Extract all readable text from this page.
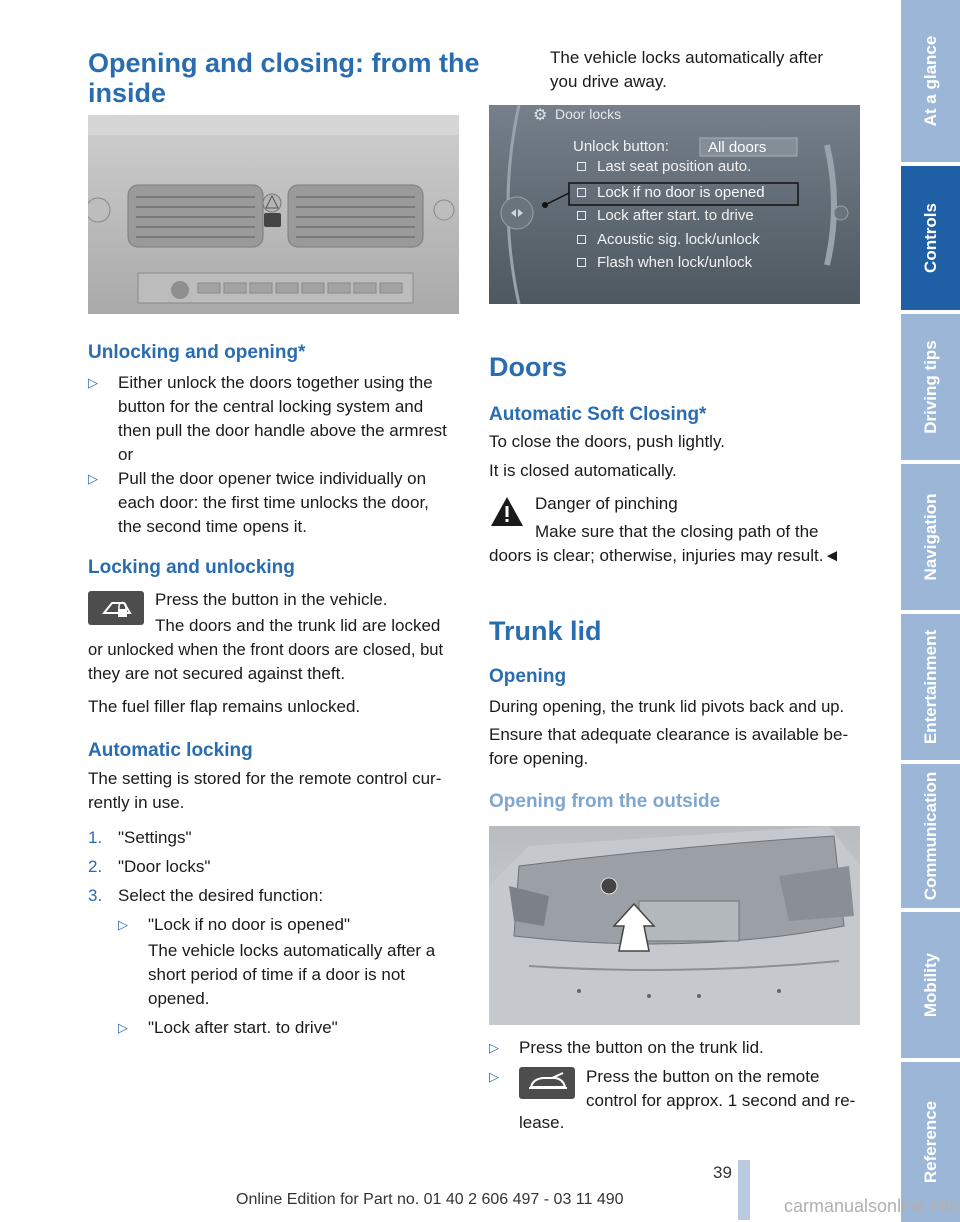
Opening and closing: from the
inside
Unlocking and opening*
▷ Either unlock the doors together using the
button for the central locking system and
then pull the door handle above the armrest
or
▷ Pull the door opener twice individually on
each door: the first time unlocks the door,
the second time opens it.
Locking and unlocking

Press the button in the vehicle.

The doors and the trunk lid are locked

or unlocked when the front doors are closed, but

they are not secured against theft.

The fuel filler flap remains unlocked.

Automatic locking

The setting is stored for the remote control cur-

rently in use.

1. "Settings"
2. "Door locks"
3. Select the desired function:
▷ "Lock if no door is opened"
The vehicle locks automatically after a
short period of time if a door is not
opened.
▷ "Lock after start. to drive"

The vehicle locks automatically after

you drive away.

⚙ Door locks
Unlock button:	All doors
Last seat position auto.
Lock if no door is opened
Lock after start. to drive
Acoustic sig. lock/unlock
Flash when lock/unlock
Doors
Automatic Soft Closing*

To close the doors, push lightly.

It is closed automatically.

Danger of pinching

Make sure that the closing path of the

doors is clear; otherwise, injuries may result.◄

Trunk lid
Opening

During opening, the trunk lid pivots back and up.

Ensure that adequate clearance is available be-

fore opening.

Opening from the outside
▷ Press the button on the trunk lid.
▷	Press the button on the remote

control for approx. 1 second and re-

lease.

At a glance
Controls
Driving tips
Navigation
Entertainment
Communication
Mobility
Reference
39
Online Edition for Part no. 01 40 2 606 497 - 03 11 490	carmanualsonline.info
